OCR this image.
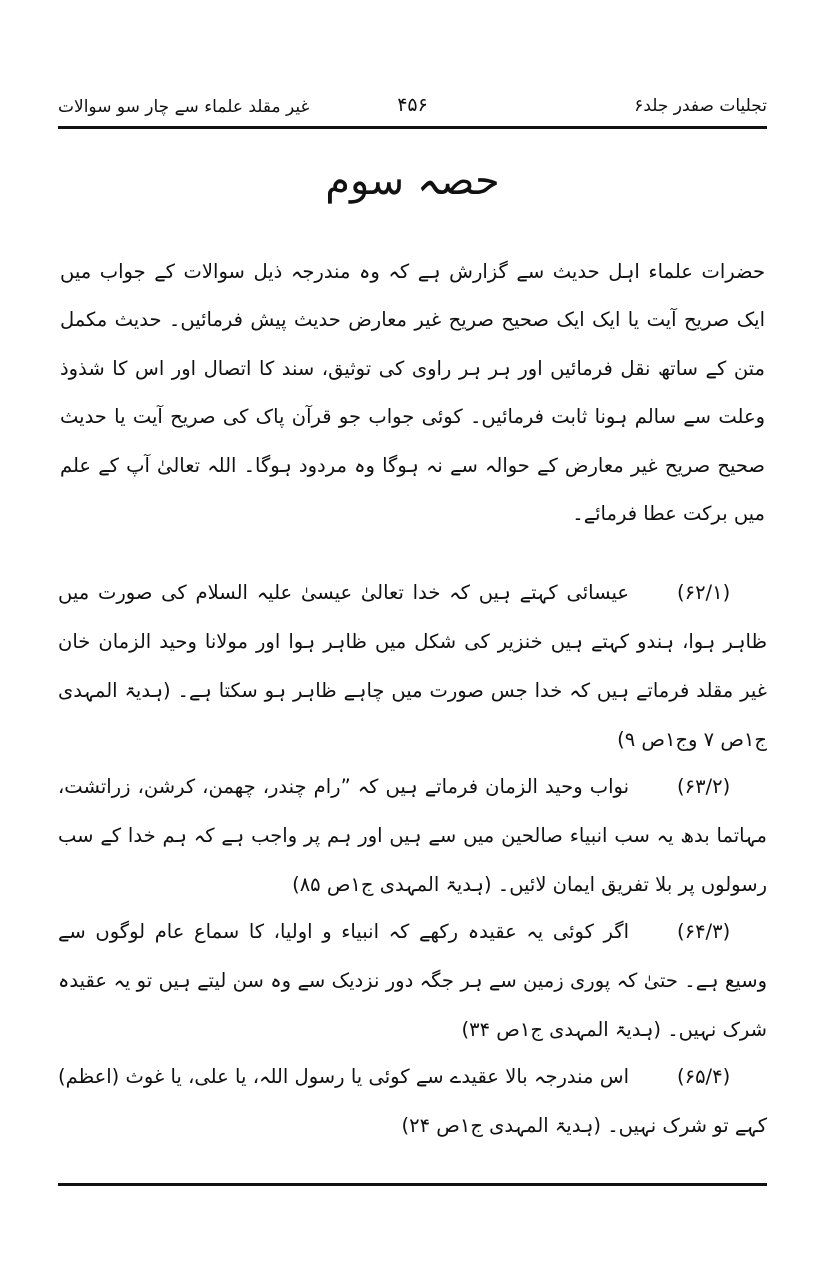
تجلیات صفدر جلد۶
۴۵۶
غیر مقلد علماء سے چار سو سوالات
حصہ سوم

حضرات علماء اہل حدیث سے گزارش ہے کہ وہ مندرجہ ذیل سوالات کے جواب میں ایک صریح آیت یا ایک ایک صحیح صریح غیر معارض حدیث پیش فرمائیں۔ حدیث مکمل متن کے ساتھ نقل فرمائیں اور ہر ہر راوی کی توثیق، سند کا اتصال اور اس کا شذوذ وعلت سے سالم ہونا ثابت فرمائیں۔ کوئی جواب جو قرآن پاک کی صریح آیت یا حدیث صحیح صریح غیر معارض کے حوالہ سے نہ ہوگا وہ مردود ہوگا۔ اللہ تعالیٰ آپ کے علم میں برکت عطا فرمائے۔

(۶۲/۱)عیسائی کہتے ہیں کہ خدا تعالیٰ عیسیٰ علیہ السلام کی صورت میں ظاہر ہوا، ہندو کہتے ہیں خنزیر کی شکل میں ظاہر ہوا اور مولانا وحید الزمان خان غیر مقلد فرماتے ہیں کہ خدا جس صورت میں چاہے ظاہر ہو سکتا ہے۔ (ہدیۃ المہدی ج۱ص ۷ وج۱ص ۹)

(۶۳/۲)نواب وحید الزمان فرماتے ہیں کہ ”رام چندر، چھمن، کرشن، زراتشت، مہاتما بدھ یہ سب انبیاء صالحین میں سے ہیں اور ہم پر واجب ہے کہ ہم خدا کے سب رسولوں پر بلا تفریق ایمان لائیں۔ (ہدیۃ المہدی ج۱ص ۸۵)

(۶۴/۳)اگر کوئی یہ عقیدہ رکھے کہ انبیاء و اولیا، کا سماع عام لوگوں سے وسیع ہے۔ حتیٰ کہ پوری زمین سے ہر جگہ دور نزدیک سے وہ سن لیتے ہیں تو یہ عقیدہ شرک نہیں۔ (ہدیۃ المہدی ج۱ص ۳۴)

(۶۵/۴)اس مندرجہ بالا عقیدے سے کوئی یا رسول اللہ، یا علی، یا غوث (اعظم) کہے تو شرک نہیں۔ (ہدیۃ المہدی ج۱ص ۲۴)
